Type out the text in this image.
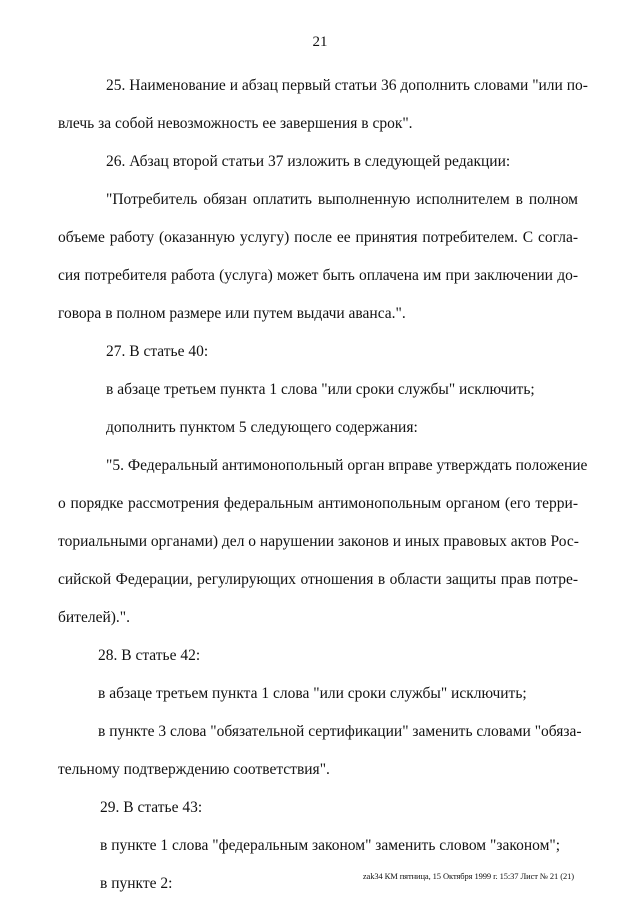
21
25. Наименование и абзац первый статьи 36 дополнить словами "или по-
влечь за собой невозможность ее завершения в срок".
26. Абзац второй статьи 37 изложить в следующей редакции:
"Потребитель обязан оплатить выполненную исполнителем в полном
объеме работу (оказанную услугу) после ее принятия потребителем. С согла-
сия потребителя работа (услуга) может быть оплачена им при заключении до-
говора в полном размере или путем выдачи аванса.".
27. В статье 40:
в абзаце третьем пункта 1 слова "или сроки службы" исключить;
дополнить пунктом 5 следующего содержания:
"5. Федеральный антимонопольный орган вправе утверждать положение
о порядке рассмотрения федеральным антимонопольным органом (его терри-
ториальными органами) дел о нарушении законов и иных правовых актов Рос-
сийской Федерации, регулирующих отношения в области защиты прав потре-
бителей).".
28. В статье 42:
в абзаце третьем пункта 1 слова "или сроки службы" исключить;
в пункте 3 слова "обязательной сертификации" заменить словами "обяза-
тельному подтверждению соответствия".
29. В статье 43:
в пункте 1 слова "федеральным законом" заменить словом "законом";
в пункте 2:	zak34 КМ пятница, 15 Октября 1999 г. 15:37 Лист № 21 (21)
